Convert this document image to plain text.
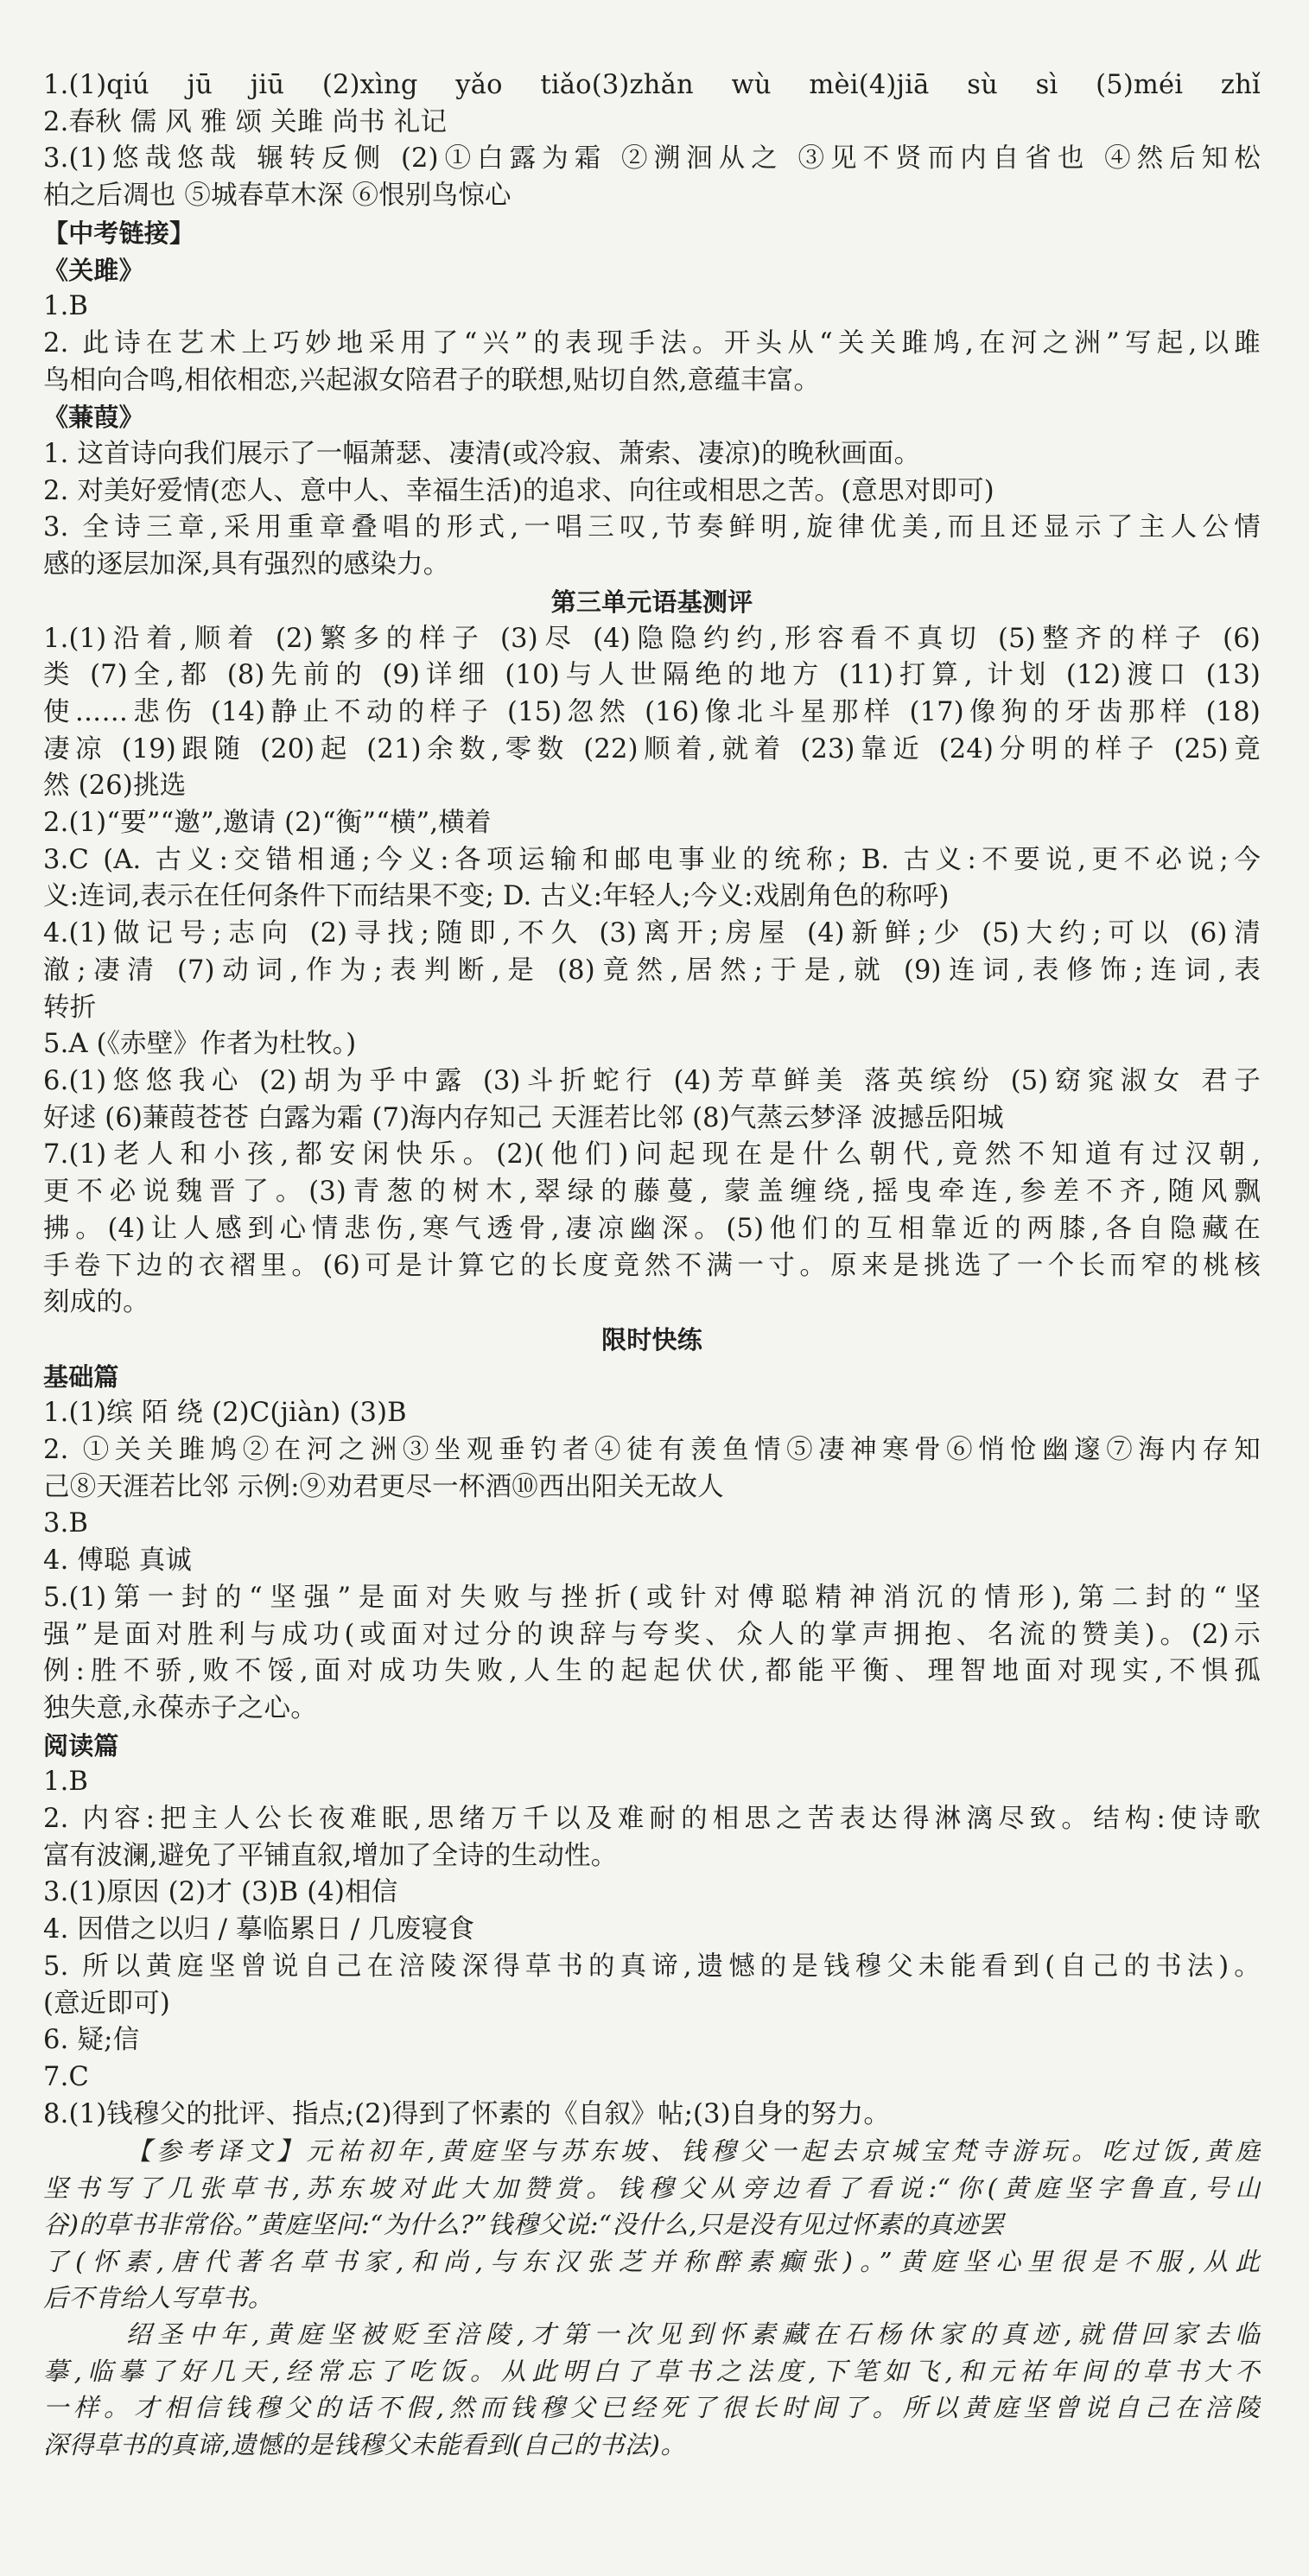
1.(1)qiú jū jiū (2)xìng yǎo tiǎo(3)zhǎn wù mèi(4)jiā sù sì (5)méi zhǐ

2.春秋 儒 风 雅 颂 关雎 尚书 礼记

3.(1)悠哉悠哉 辗转反侧 (2)①白露为霜 ②溯洄从之 ③见不贤而内自省也 ④然后知松

柏之后凋也 ⑤城春草木深 ⑥恨别鸟惊心

【中考链接】

《关雎》

1.B

2. 此诗在艺术上巧妙地采用了“兴”的表现手法。开头从“关关雎鸠,在河之洲”写起,以雎

鸟相向合鸣,相依相恋,兴起淑女陪君子的联想,贴切自然,意蕴丰富。

《蒹葭》

1. 这首诗向我们展示了一幅萧瑟、凄清(或冷寂、萧索、凄凉)的晚秋画面。

2. 对美好爱情(恋人、意中人、幸福生活)的追求、向往或相思之苦。(意思对即可)

3. 全诗三章,采用重章叠唱的形式,一唱三叹,节奏鲜明,旋律优美,而且还显示了主人公情

感的逐层加深,具有强烈的感染力。

第三单元语基测评

1.(1)沿着,顺着 (2)繁多的样子 (3)尽 (4)隐隐约约,形容看不真切 (5)整齐的样子 (6)

类 (7)全,都 (8)先前的 (9)详细 (10)与人世隔绝的地方 (11)打算, 计划 (12)渡口 (13)

使……悲伤 (14)静止不动的样子 (15)忽然 (16)像北斗星那样 (17)像狗的牙齿那样 (18)

凄凉 (19)跟随 (20)起 (21)余数,零数 (22)顺着,就着 (23)靠近 (24)分明的样子 (25)竟

然 (26)挑选

2.(1)“要”“邀”,邀请 (2)“衡”“横”,横着

3.C (A. 古义:交错相通;今义:各项运输和邮电事业的统称; B. 古义:不要说,更不必说;今

义:连词,表示在任何条件下而结果不变; D. 古义:年轻人;今义:戏剧角色的称呼)

4.(1)做记号;志向 (2)寻找;随即,不久 (3)离开;房屋 (4)新鲜;少 (5)大约;可以 (6)清

澈;凄清 (7)动词,作为;表判断,是 (8)竟然,居然;于是,就 (9)连词,表修饰;连词,表

转折

5.A (《赤壁》作者为杜牧。)

6.(1)悠悠我心 (2)胡为乎中露 (3)斗折蛇行 (4)芳草鲜美 落英缤纷 (5)窈窕淑女 君子

好逑 (6)蒹葭苍苍 白露为霜 (7)海内存知己 天涯若比邻 (8)气蒸云梦泽 波撼岳阳城

7.(1)老人和小孩,都安闲快乐。(2)(他们)问起现在是什么朝代,竟然不知道有过汉朝,

更不必说魏晋了。(3)青葱的树木,翠绿的藤蔓, 蒙盖缠绕,摇曳牵连,参差不齐,随风飘

拂。(4)让人感到心情悲伤,寒气透骨,凄凉幽深。(5)他们的互相靠近的两膝,各自隐藏在

手卷下边的衣褶里。(6)可是计算它的长度竟然不满一寸。原来是挑选了一个长而窄的桃核

刻成的。

限时快练

基础篇

1.(1)缤 陌 绕 (2)C(jiàn) (3)B

2. ①关关雎鸠②在河之洲③坐观垂钓者④徒有羡鱼情⑤凄神寒骨⑥悄怆幽邃⑦海内存知

己⑧天涯若比邻 示例:⑨劝君更尽一杯酒⑩西出阳关无故人

3.B

4. 傅聪 真诚

5.(1)第一封的“坚强”是面对失败与挫折(或针对傅聪精神消沉的情形),第二封的“坚

强”是面对胜利与成功(或面对过分的谀辞与夸奖、众人的掌声拥抱、名流的赞美)。(2)示

例:胜不骄,败不馁,面对成功失败,人生的起起伏伏,都能平衡、理智地面对现实,不惧孤

独失意,永葆赤子之心。

阅读篇

1.B

2. 内容:把主人公长夜难眠,思绪万千以及难耐的相思之苦表达得淋漓尽致。结构:使诗歌

富有波澜,避免了平铺直叙,增加了全诗的生动性。

3.(1)原因 (2)才 (3)B (4)相信

4. 因借之以归 / 摹临累日 / 几废寝食

5. 所以黄庭坚曾说自己在涪陵深得草书的真谛,遗憾的是钱穆父未能看到(自己的书法)。

(意近即可)

6. 疑;信

7.C

8.(1)钱穆父的批评、指点;(2)得到了怀素的《自叙》帖;(3)自身的努力。

【参考译文】元祐初年,黄庭坚与苏东坡、钱穆父一起去京城宝梵寺游玩。吃过饭,黄庭

坚书写了几张草书,苏东坡对此大加赞赏。钱穆父从旁边看了看说:“你(黄庭坚字鲁直,号山

谷)的草书非常俗。”黄庭坚问:“为什么?”钱穆父说:“没什么,只是没有见过怀素的真迹罢

了(怀素,唐代著名草书家,和尚,与东汉张芝并称醉素癫张)。”黄庭坚心里很是不服,从此

后不肯给人写草书。

绍圣中年,黄庭坚被贬至涪陵,才第一次见到怀素藏在石杨休家的真迹,就借回家去临

摹,临摹了好几天,经常忘了吃饭。从此明白了草书之法度,下笔如飞,和元祐年间的草书大不

一样。才相信钱穆父的话不假,然而钱穆父已经死了很长时间了。所以黄庭坚曾说自己在涪陵

深得草书的真谛,遗憾的是钱穆父未能看到(自己的书法)。
